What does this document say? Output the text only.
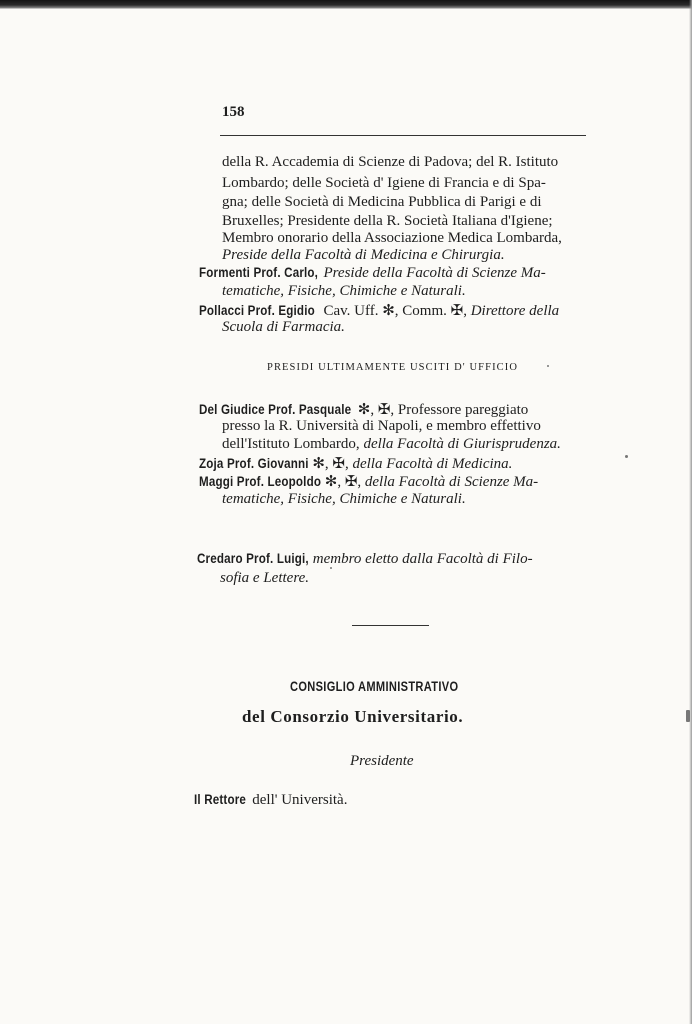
158
della R. Accademia di Scienze di Padova; del R. Istituto
Lombardo; delle Società d' Igiene di Francia e di Spa-
gna; delle Società di Medicina Pubblica di Parigi e di
Bruxelles; Presidente della R. Società Italiana d'Igiene;
Membro onorario della Associazione Medica Lombarda,
Preside della Facoltà di Medicina e Chirurgia.
Formenti Prof. Carlo, Preside della Facoltà di Scienze Ma-
tematiche, Fisiche, Chimiche e Naturali.
Pollacci Prof. Egidio Cav. Uff. ✻, Comm. ✠, Direttore della
Scuola di Farmacia.
PRESIDI ULTIMAMENTE USCITI D' UFFICIO
Del Giudice Prof. Pasquale ✻, ✠, Professore pareggiato
presso la R. Università di Napoli, e membro effettivo
dell'Istituto Lombardo, della Facoltà di Giurisprudenza.
Zoja Prof. Giovanni ✻, ✠, della Facoltà di Medicina.
Maggi Prof. Leopoldo ✻, ✠, della Facoltà di Scienze Ma-
tematiche, Fisiche, Chimiche e Naturali.
Credaro Prof. Luigi, membro eletto dalla Facoltà di Filo-
sofia e Lettere.
CONSIGLIO AMMINISTRATIVO
del Consorzio Universitario.
Presidente
Il Rettore dell' Università.
